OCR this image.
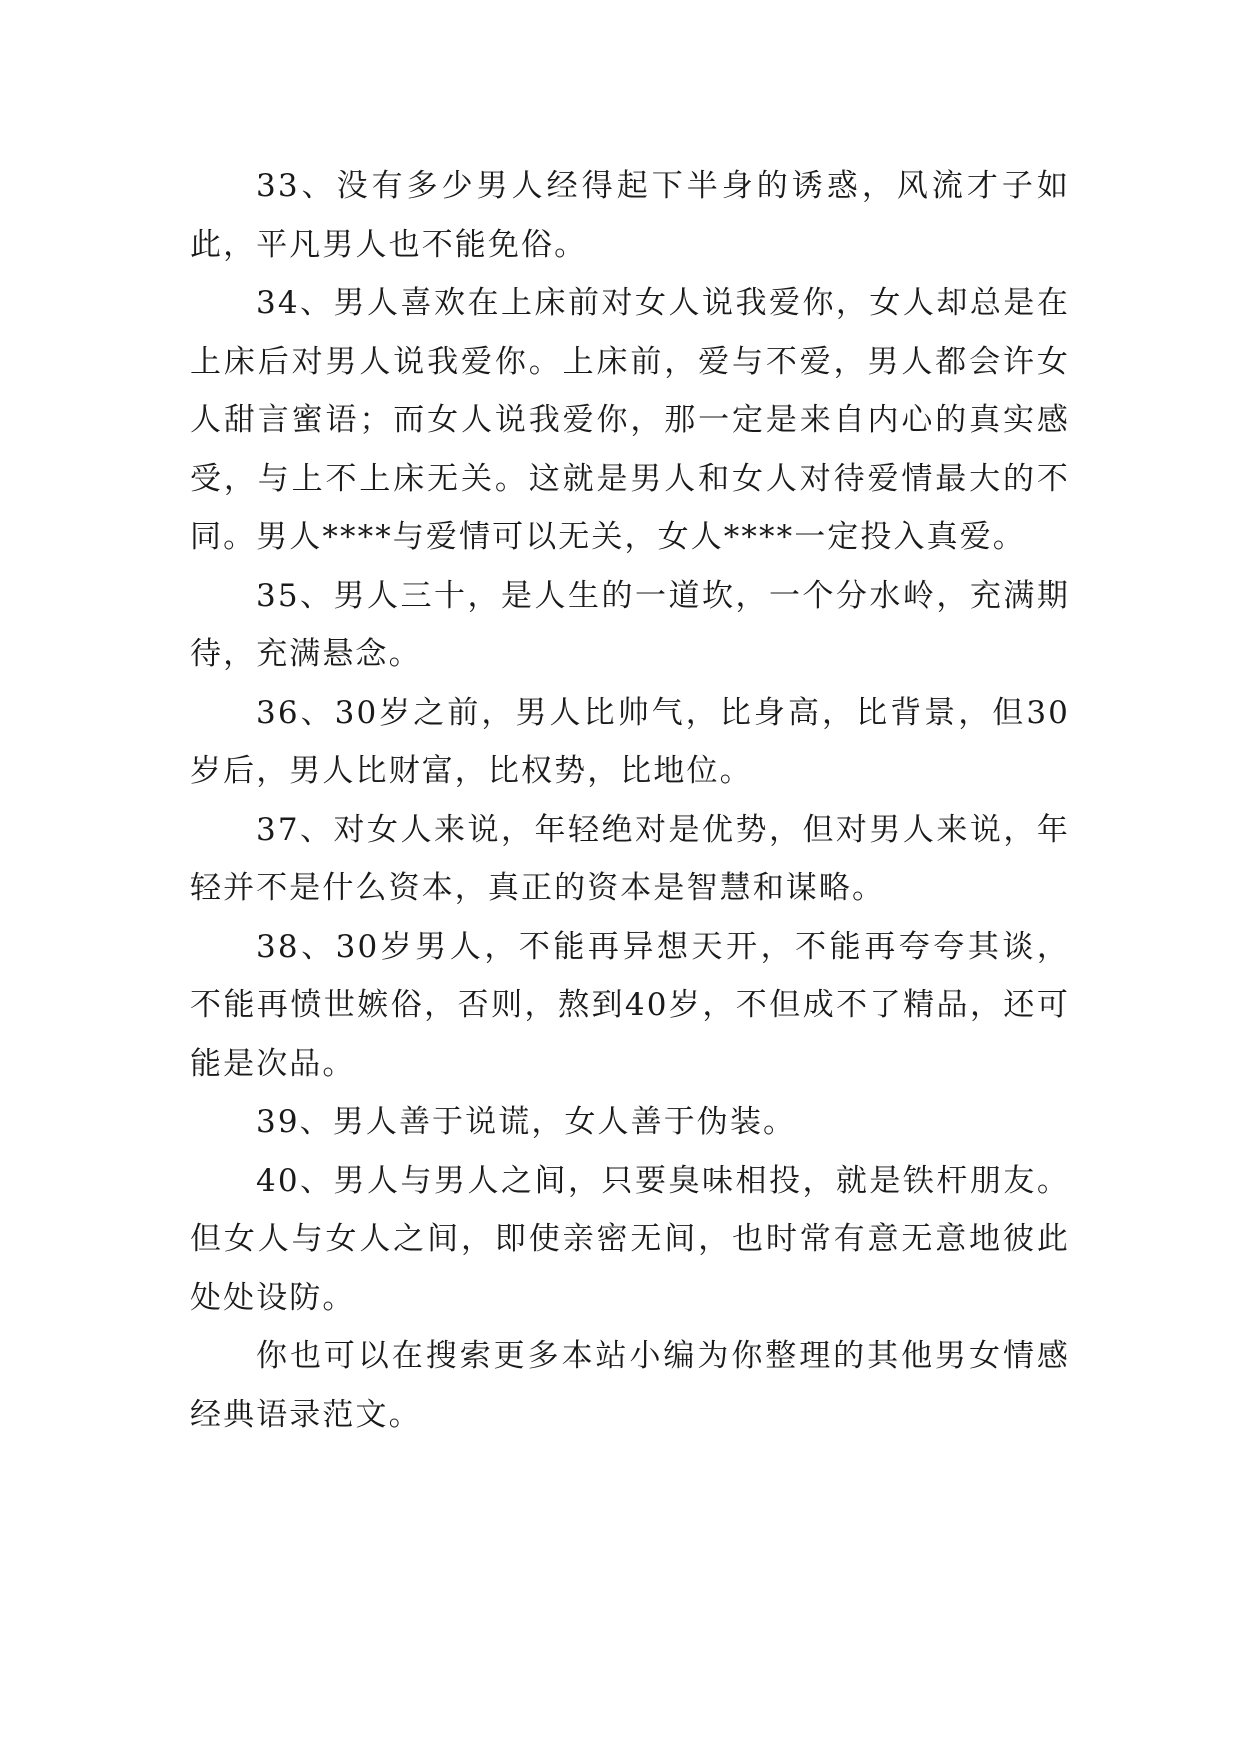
33、没有多少男人经得起下半身的诱惑，风流才子如此，平凡男人也不能免俗。

34、男人喜欢在上床前对女人说我爱你，女人却总是在上床后对男人说我爱你。上床前，爱与不爱，男人都会许女人甜言蜜语；而女人说我爱你，那一定是来自内心的真实感受，与上不上床无关。这就是男人和女人对待爱情最大的不同。男人****与爱情可以无关，女人****一定投入真爱。

35、男人三十，是人生的一道坎，一个分水岭，充满期待，充满悬念。

36、30岁之前，男人比帅气，比身高，比背景，但30岁后，男人比财富，比权势，比地位。

37、对女人来说，年轻绝对是优势，但对男人来说，年轻并不是什么资本，真正的资本是智慧和谋略。

38、30岁男人，不能再异想天开，不能再夸夸其谈，不能再愤世嫉俗，否则，熬到40岁，不但成不了精品，还可能是次品。

39、男人善于说谎，女人善于伪装。

40、男人与男人之间，只要臭味相投，就是铁杆朋友。但女人与女人之间，即使亲密无间，也时常有意无意地彼此处处设防。

你也可以在搜索更多本站小编为你整理的其他男女情感经典语录范文。
